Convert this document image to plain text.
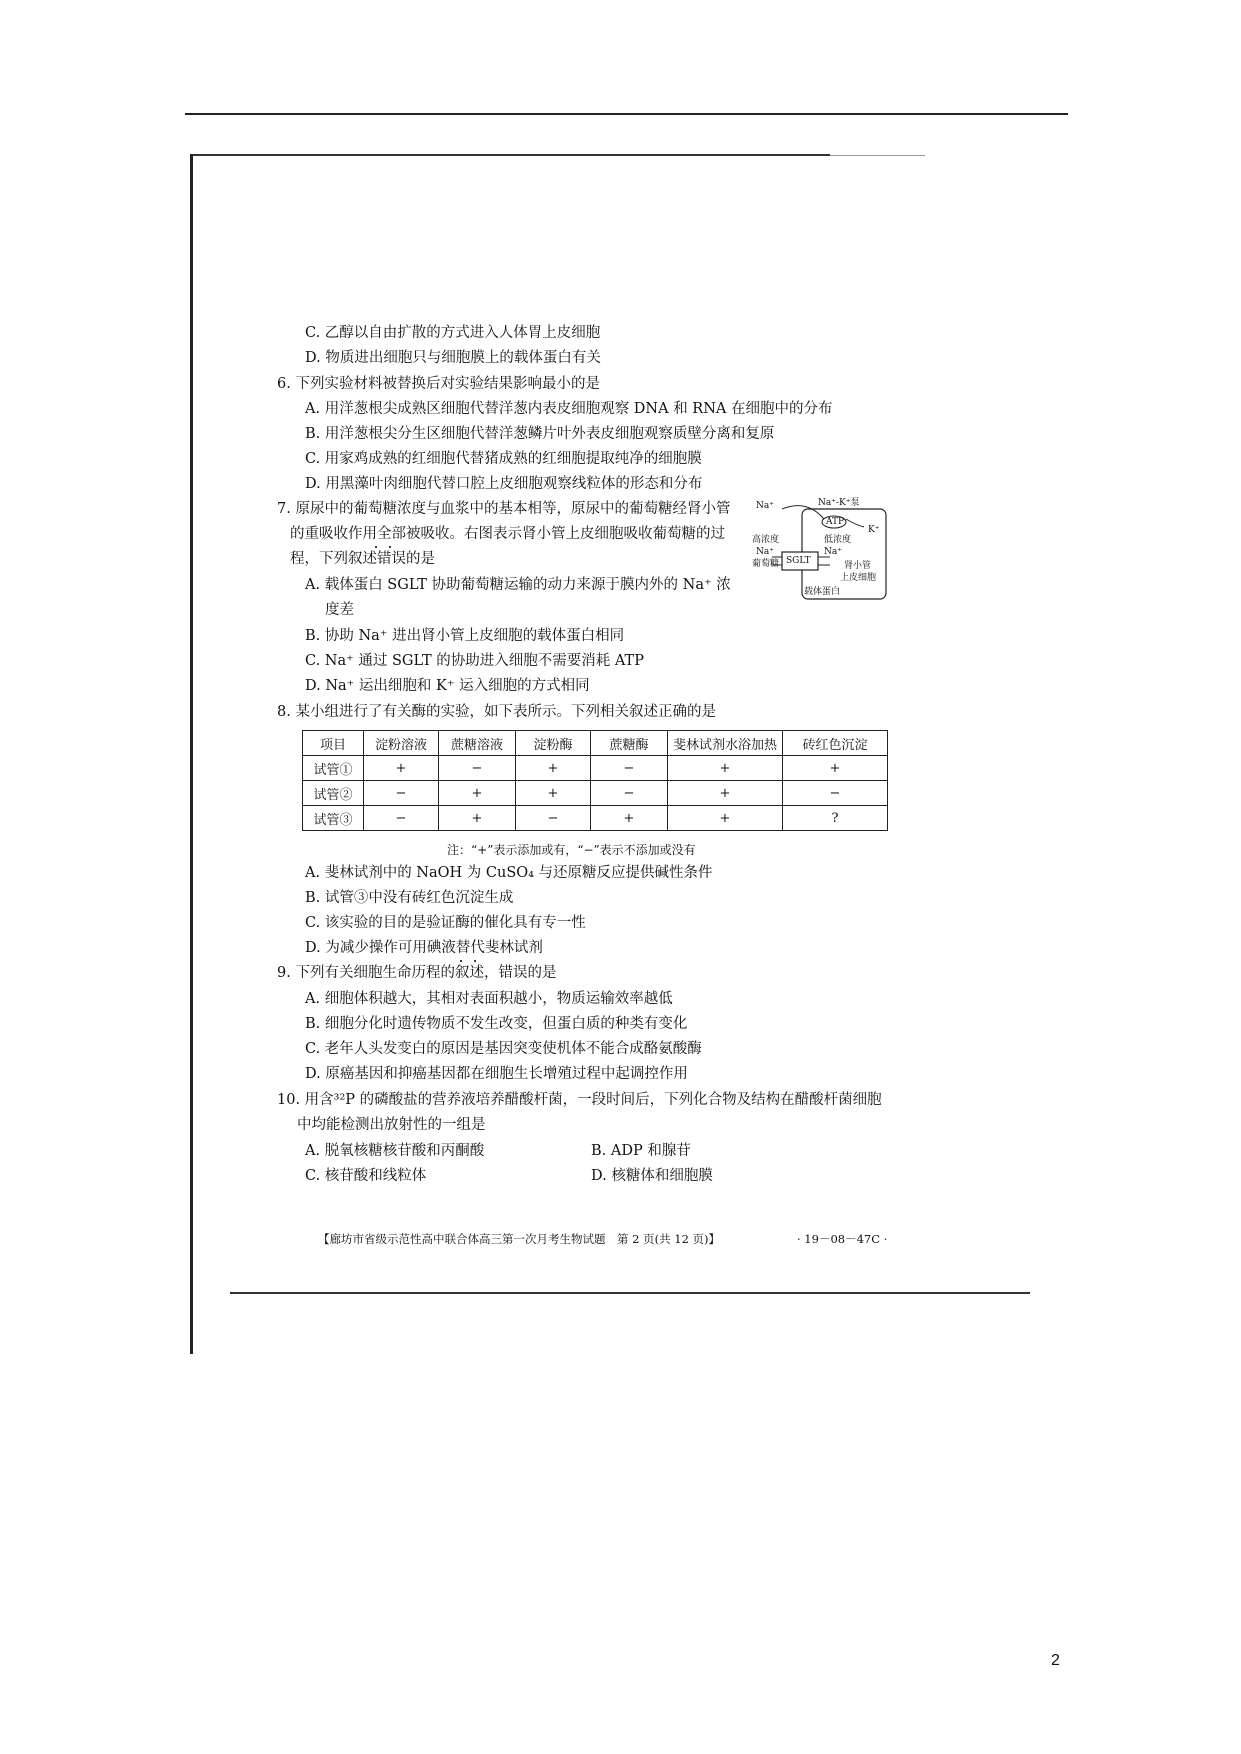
C. 乙醇以自由扩散的方式进入人体胃上皮细胞
D. 物质进出细胞只与细胞膜上的载体蛋白有关
6. 下列实验材料被替换后对实验结果影响最小的是
A. 用洋葱根尖成熟区细胞代替洋葱内表皮细胞观察 DNA 和 RNA 在细胞中的分布
B. 用洋葱根尖分生区细胞代替洋葱鳞片叶外表皮细胞观察质壁分离和复原
C. 用家鸡成熟的红细胞代替猪成熟的红细胞提取纯净的细胞膜
D. 用黑藻叶肉细胞代替口腔上皮细胞观察线粒体的形态和分布
7. 原尿中的葡萄糖浓度与血浆中的基本相等，原尿中的葡萄糖经肾小管
的重吸收作用全部被吸收。右图表示肾小管上皮细胞吸收葡萄糖的过
程，下列叙述错误的是
A. 载体蛋白 SGLT 协助葡萄糖运输的动力来源于膜内外的 Na⁺ 浓
度差
B. 协助 Na⁺ 进出肾小管上皮细胞的载体蛋白相同
C. Na⁺ 通过 SGLT 的协助进入细胞不需要消耗 ATP
D. Na⁺ 运出细胞和 K⁺ 运入细胞的方式相同
Na⁺	Na⁺-K⁺泵
ATP
K⁺
高浓度
Na⁺
葡萄糖 SGLT
低浓度
Na⁺
肾小管
上皮细胞
载体蛋白
8. 某小组进行了有关酶的实验，如下表所示。下列相关叙述正确的是
项目	淀粉溶液	蔗糖溶液	淀粉酶	蔗糖酶	斐林试剂水浴加热	砖红色沉淀
试管①	+	−	+	−	+	+
试管②	−	+	+	−	+	−
试管③	−	+	−	+	+	?
注：“+”表示添加或有，“−”表示不添加或没有
A. 斐林试剂中的 NaOH 为 CuSO₄ 与还原糖反应提供碱性条件
B. 试管③中没有砖红色沉淀生成
C. 该实验的目的是验证酶的催化具有专一性
D. 为减少操作可用碘液替代斐林试剂
9. 下列有关细胞生命历程的叙述，错误的是
A. 细胞体积越大，其相对表面积越小，物质运输效率越低
B. 细胞分化时遗传物质不发生改变，但蛋白质的种类有变化
C. 老年人头发变白的原因是基因突变使机体不能合成酪氨酸酶
D. 原癌基因和抑癌基因都在细胞生长增殖过程中起调控作用
10. 用含³²P 的磷酸盐的营养液培养醋酸杆菌，一段时间后，下列化合物及结构在醋酸杆菌细胞
中均能检测出放射性的一组是
A. 脱氧核糖核苷酸和丙酮酸	B. ADP 和腺苷
C. 核苷酸和线粒体	D. 核糖体和细胞膜
【廊坊市省级示范性高中联合体高三第一次月考生物试题　第 2 页(共 12 页)】	· 19－08－47C ·
2
